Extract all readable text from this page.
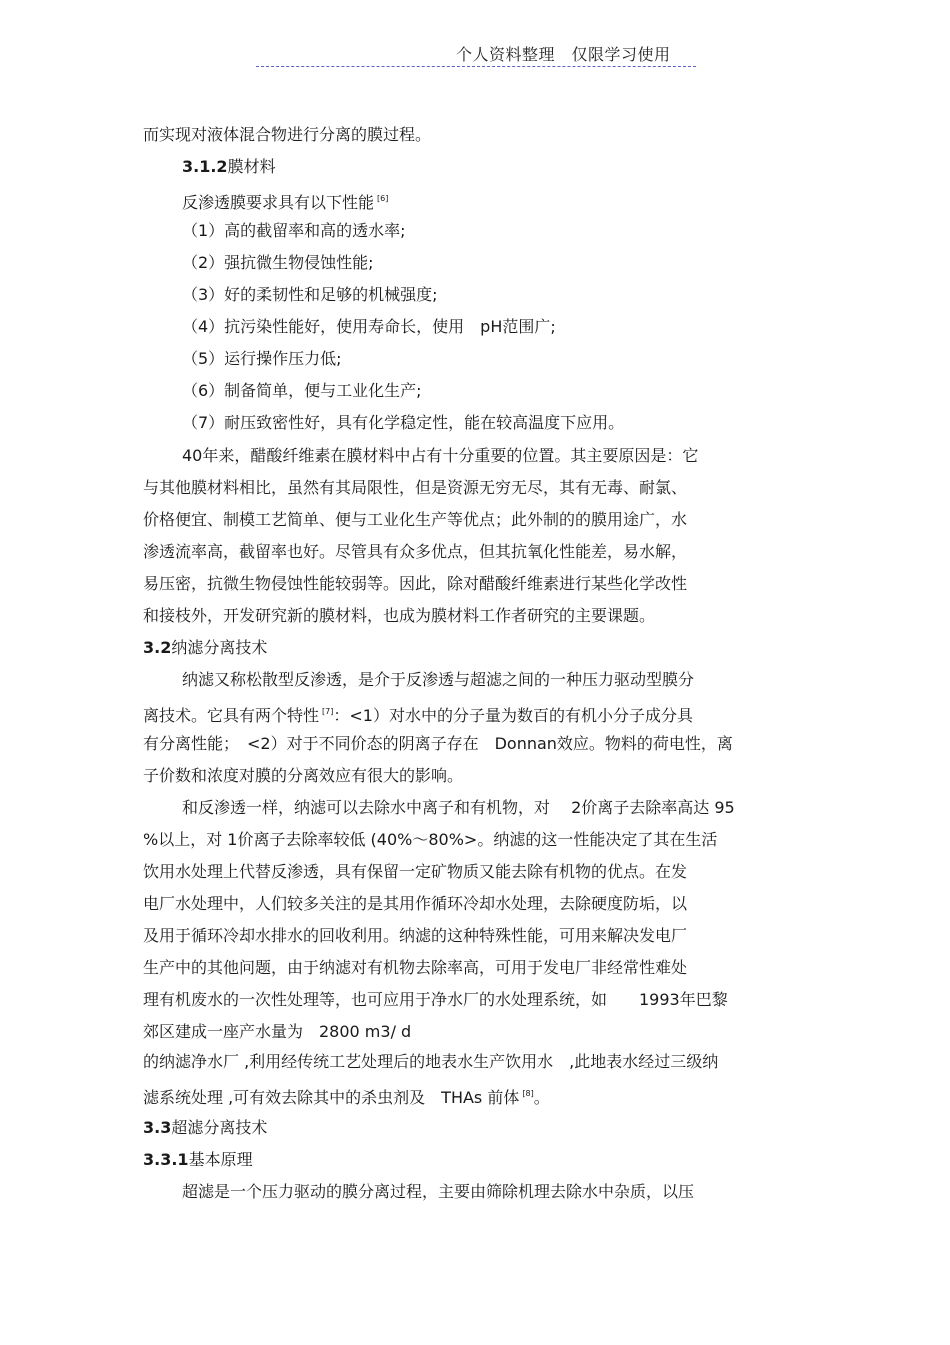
个人资料整理　仅限学习使用
而实现对液体混合物进行分离的膜过程。
3.1.2膜材料
反渗透膜要求具有以下性能 [6]
（1）高的截留率和高的透水率;
（2）强抗微生物侵蚀性能;
（3）好的柔韧性和足够的机械强度;
（4）抗污染性能好，使用寿命长，使用　pH范围广;
（5）运行操作压力低;
（6）制备简单，便与工业化生产;
（7）耐压致密性好，具有化学稳定性，能在较高温度下应用。
40年来，醋酸纤维素在膜材料中占有十分重要的位置。其主要原因是：它
与其他膜材料相比，虽然有其局限性，但是资源无穷无尽，其有无毒、耐氯、
价格便宜、制模工艺简单、便与工业化生产等优点；此外制的的膜用途广，水
渗透流率高，截留率也好。尽管具有众多优点，但其抗氧化性能差，易水解，
易压密，抗微生物侵蚀性能较弱等。因此，除对醋酸纤维素进行某些化学改性
和接枝外，开发研究新的膜材料，也成为膜材料工作者研究的主要课题。
3.2纳滤分离技术
纳滤又称松散型反渗透，是介于反渗透与超滤之间的一种压力驱动型膜分
离技术。它具有两个特性 [7]：<1）对水中的分子量为数百的有机小分子成分具
有分离性能；　<2）对于不同价态的阴离子存在　Donnan效应。物料的荷电性，离
子价数和浓度对膜的分离效应有很大的影响。
和反渗透一样，纳滤可以去除水中离子和有机物，对　 2价离子去除率高达 95
%以上，对 1价离子去除率较低 (40%～80%>。纳滤的这一性能决定了其在生活
饮用水处理上代替反渗透，具有保留一定矿物质又能去除有机物的优点。在发
电厂水处理中，人们较多关注的是其用作循环冷却水处理，去除硬度防垢，以
及用于循环冷却水排水的回收利用。纳滤的这种特殊性能，可用来解决发电厂
生产中的其他问题，由于纳滤对有机物去除率高，可用于发电厂非经常性难处
理有机废水的一次性处理等，也可应用于净水厂的水处理系统，如　　1993年巴黎
郊区建成一座产水量为　2800 m3/ d
的纳滤净水厂 ,利用经传统工艺处理后的地表水生产饮用水　,此地表水经过三级纳
滤系统处理 ,可有效去除其中的杀虫剂及　THAs 前体 [8]。
3.3超滤分离技术
3.3.1基本原理
超滤是一个压力驱动的膜分离过程，主要由筛除机理去除水中杂质，以压
